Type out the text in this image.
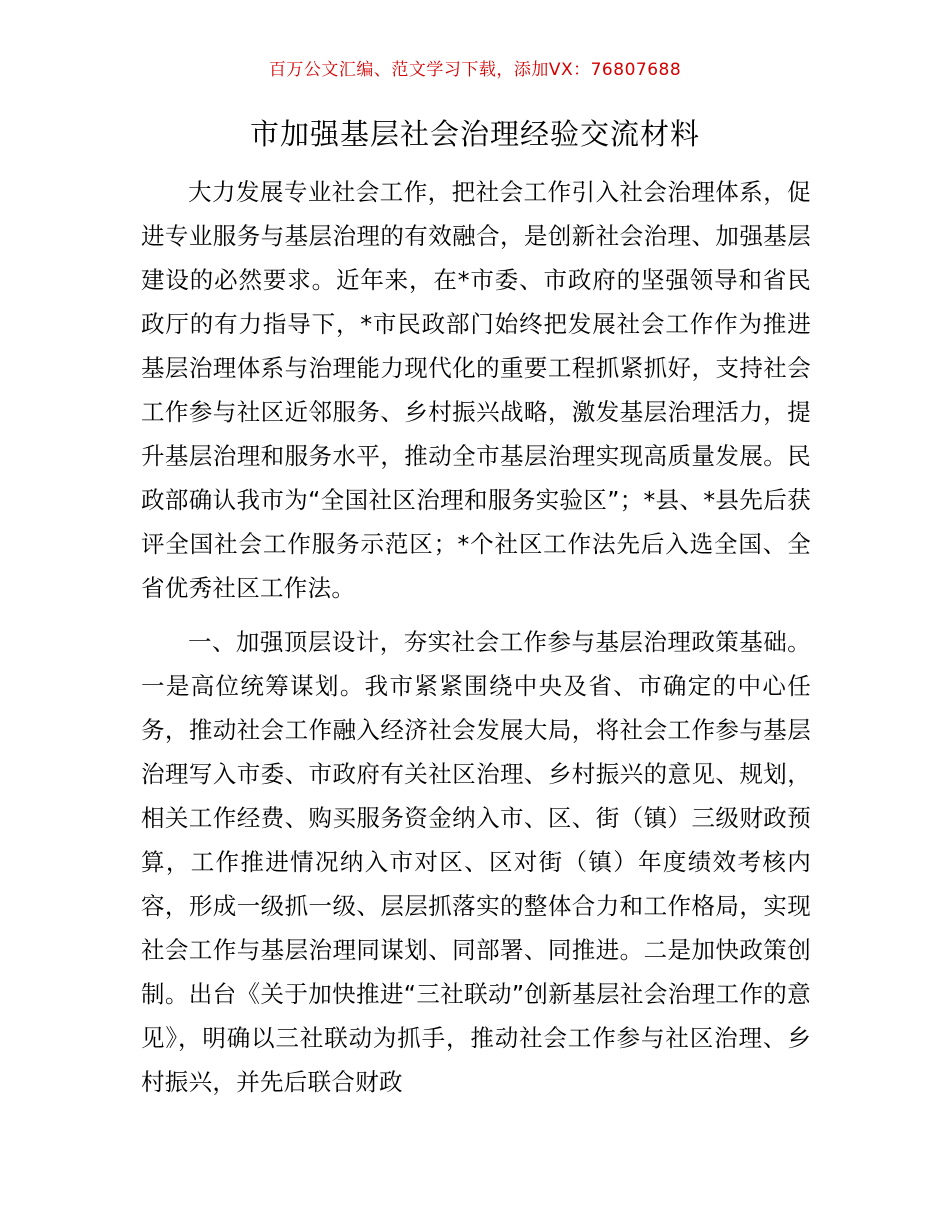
百万公文汇编、范文学习下载，添加VX：76807688
市加强基层社会治理经验交流材料

大力发展专业社会工作，把社会工作引入社会治理体系，促进专业服务与基层治理的有效融合，是创新社会治理、加强基层建设的必然要求。近年来，在*市委、市政府的坚强领导和省民政厅的有力指导下，*市民政部门始终把发展社会工作作为推进基层治理体系与治理能力现代化的重要工程抓紧抓好，支持社会工作参与社区近邻服务、乡村振兴战略，激发基层治理活力，提升基层治理和服务水平，推动全市基层治理实现高质量发展。民政部确认我市为“全国社区治理和服务实验区”；*县、*县先后获评全国社会工作服务示范区；*个社区工作法先后入选全国、全省优秀社区工作法。

一、加强顶层设计，夯实社会工作参与基层治理政策基础。一是高位统筹谋划。我市紧紧围绕中央及省、市确定的中心任务，推动社会工作融入经济社会发展大局，将社会工作参与基层治理写入市委、市政府有关社区治理、乡村振兴的意见、规划，相关工作经费、购买服务资金纳入市、区、街（镇）三级财政预算，工作推进情况纳入市对区、区对街（镇）年度绩效考核内容，形成一级抓一级、层层抓落实的整体合力和工作格局，实现社会工作与基层治理同谋划、同部署、同推进。二是加快政策创制。出台《关于加快推进“三社联动”创新基层社会治理工作的意见》，明确以三社联动为抓手，推动社会工作参与社区治理、乡村振兴，并先后联合财政
